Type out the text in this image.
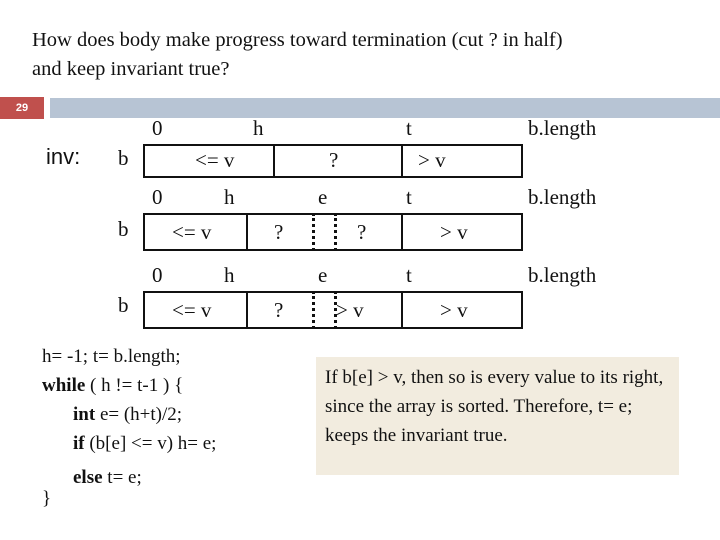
How does body make progress toward termination (cut ? in half)
and keep invariant true?
29
inv:
0	h	t	b.length
b	<= v	?	> v
0	h	e	t	b.length
b <= v	?	?	> v
0	h	e	t	b.length
b <= v	?	> v	> v
h= -1; t= b.length;
while ( h != t-1 ) {
int e= (h+t)/2;
if (b[e] <= v) h= e;
else t= e;
}
If b[e] > v, then so is every value to its right, since the array is sorted. Therefore, t= e; keeps the invariant true.
